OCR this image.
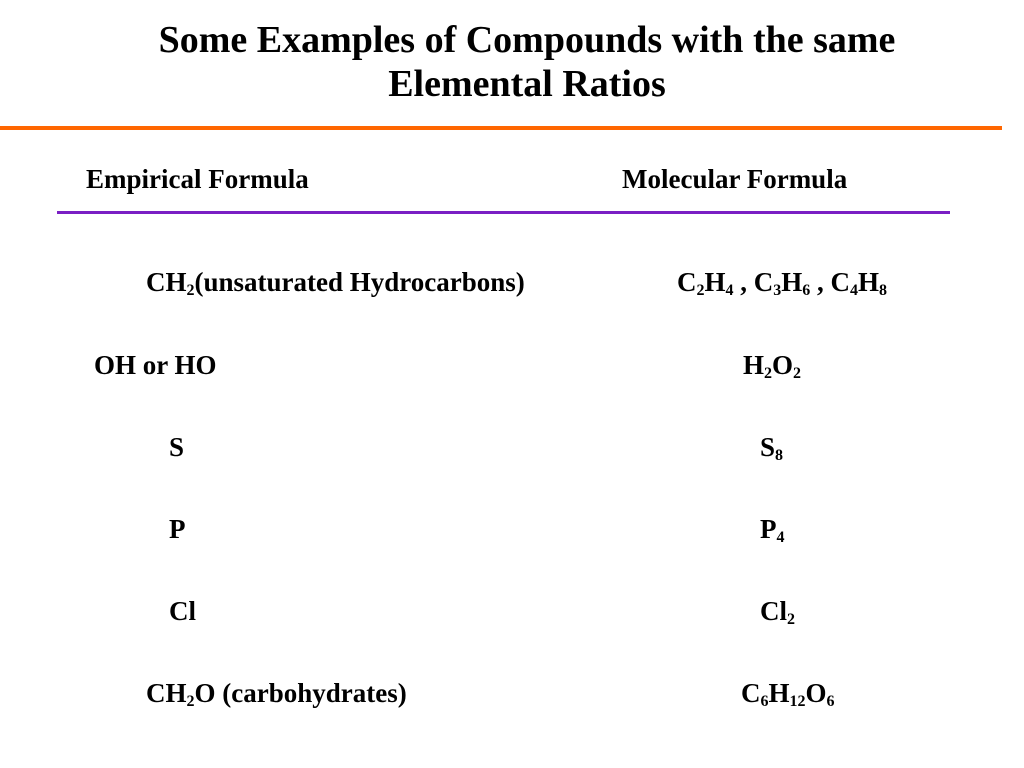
Some Examples of Compounds with the same
Elemental Ratios
Empirical Formula	Molecular Formula
$CH_2(unsaturated$ Hydrocarbons)	$C_2H_4$ , $C_3H_6$ , $C_4H_8$
OH or HO	$H_2O_2$
S	$S_8$
P	$P_4$
Cl	$Cl_2$
$CH_2O$ (carbohydrates)	$C_6H_{12}O_6$
